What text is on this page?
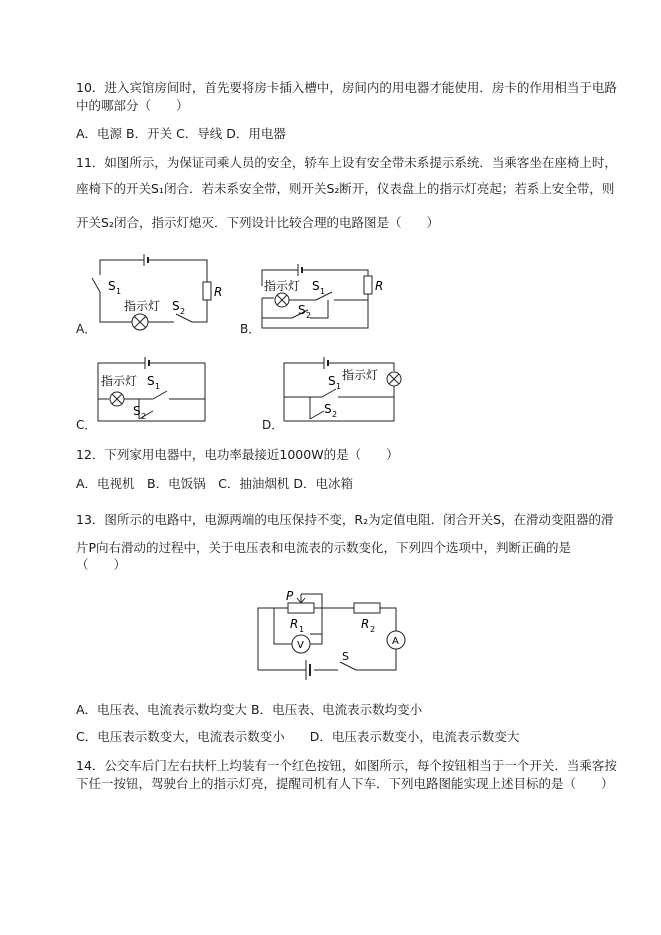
10．进入宾馆房间时，首先要将房卡插入槽中，房间内的用电器才能使用．房卡的作用相当于电路
中的哪部分（　　）
A．电源 B．开关 C．导线 D．用电器
11．如图所示，为保证司乘人员的安全，轿车上设有安全带未系提示系统．当乘客坐在座椅上时，
座椅下的开关S₁闭合．若未系安全带，则开关S₂断开，仪表盘上的指示灯亮起；若系上安全带，则
开关S₂闭合，指示灯熄灭．下列设计比较合理的电路图是（　　）
A．	B．
C．	D．
S 1
指示灯 S 2
R	指示灯 S 1
S 2
R
指示灯 S 1
S 2
指示灯
S 1
S 2
12．下列家用电器中，电功率最接近1000W的是（　　）
A．电视机　B．电饭锅　C．抽油烟机 D．电冰箱
13．图所示的电路中，电源两端的电压保持不变，R₂为定值电阻．闭合开关S，在滑动变阻器的滑
片P向右滑动的过程中，关于电压表和电流表的示数变化，下列四个选项中，判断正确的是
（　　）
P
R 1	R 2
V	A
S
A．电压表、电流表示数均变大 B．电压表、电流表示数均变小
C．电压表示数变大，电流表示数变小　　D．电压表示数变小，电流表示数变大
14．公交车后门左右扶杆上均装有一个红色按钮，如图所示，每个按钮相当于一个开关．当乘客按
下任一按钮，驾驶台上的指示灯亮，提醒司机有人下车．下列电路图能实现上述目标的是（　　）
